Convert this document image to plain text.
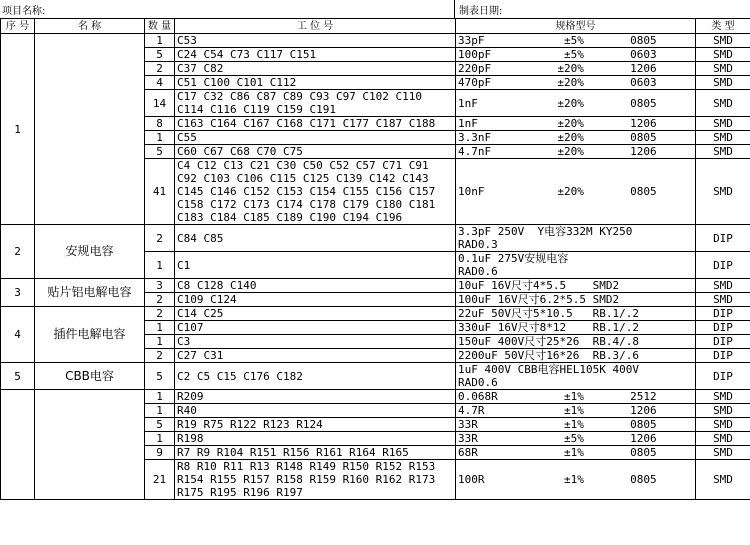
项目名称:	制表日期:
序 号	名 称	数 量	工 位 号	规格型号	类 型
1		1	C53	33pF            ±5%       0805	SMD
		5	C24 C54 C73 C117 C151	100pF           ±5%       0603	SMD
		2	C37 C82	220pF          ±20%       1206	SMD
		4	C51 C100 C101 C112	470pF          ±20%       0603	SMD
		14	C17 C32 C86 C87 C89 C93 C97 C102 C110
C114 C116 C119 C159 C191	1nF            ±20%       0805	SMD
		8	C163 C164 C167 C168 C171 C177 C187 C188	1nF            ±20%       1206	SMD
		1	C55	3.3nF          ±20%       0805	SMD
		5	C60 C67 C68 C70 C75	4.7nF          ±20%       1206	SMD
		41	C4 C12 C13 C21 C30 C50 C52 C57 C71 C91
C92 C103 C106 C115 C125 C139 C142 C143
C145 C146 C152 C153 C154 C155 C156 C157
C158 C172 C173 C174 C178 C179 C180 C181
C183 C184 C185 C189 C190 C194 C196	10nF           ±20%       0805	SMD
2	安规电容	2	C84 C85	3.3pF 250V  Y电容332M KY250
RAD0.3	DIP
		1	C1	0.1uF 275V安规电容
RAD0.6	DIP
3	贴片铝电解电容	3	C8 C128 C140	10uF 16V尺寸4*5.5    SMD2	SMD
		2	C109 C124	100uF 16V尺寸6.2*5.5 SMD2	SMD
4	插件电解电容	2	C14 C25	22uF 50V尺寸5*10.5   RB.1/.2	DIP
		1	C107	330uF 16V尺寸8*12    RB.1/.2	DIP
		1	C3	150uF 400V尺寸25*26  RB.4/.8	DIP
		2	C27 C31	2200uF 50V尺寸16*26  RB.3/.6	DIP
5	CBB电容	5	C2 C5 C15 C176 C182	1uF 400V CBB电容HEL105K 400V
RAD0.6	DIP
		1	R209	0.068R          ±1%       2512	SMD
		1	R40	4.7R            ±1%       1206	SMD
		5	R19 R75 R122 R123 R124	33R             ±1%       0805	SMD
		1	R198	33R             ±5%       1206	SMD
		9	R7 R9 R104 R151 R156 R161 R164 R165	68R             ±1%       0805	SMD
		21	R8 R10 R11 R13 R148 R149 R150 R152 R153
R154 R155 R157 R158 R159 R160 R162 R173
R175 R195 R196 R197	100R            ±1%       0805	SMD
